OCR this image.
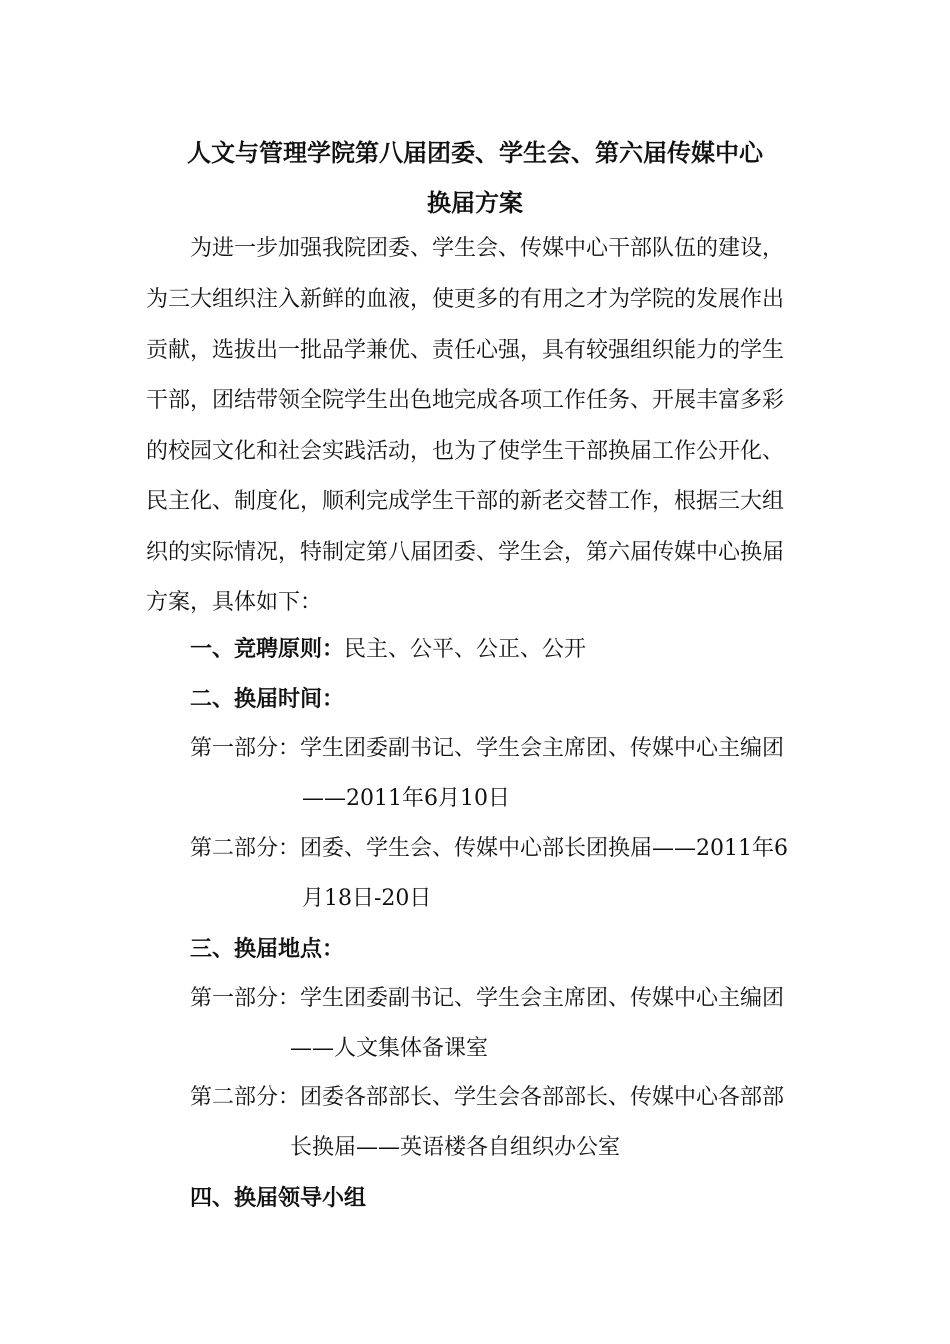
人文与管理学院第八届团委、学生会、第六届传媒中心
换届方案
为进一步加强我院团委、学生会、传媒中心干部队伍的建设，
为三大组织注入新鲜的血液，使更多的有用之才为学院的发展作出
贡献，选拔出一批品学兼优、责任心强，具有较强组织能力的学生
干部，团结带领全院学生出色地完成各项工作任务、开展丰富多彩
的校园文化和社会实践活动，也为了使学生干部换届工作公开化、
民主化、制度化，顺利完成学生干部的新老交替工作，根据三大组
织的实际情况，特制定第八届团委、学生会，第六届传媒中心换届
方案，具体如下：
一、竞聘原则：民主、公平、公正、公开
二、换届时间：
第一部分：学生团委副书记、学生会主席团、传媒中心主编团
——2011年6月10日
第二部分：团委、学生会、传媒中心部长团换届——2011年6
月18日-20日
三、换届地点：
第一部分：学生团委副书记、学生会主席团、传媒中心主编团
——人文集体备课室
第二部分：团委各部部长、学生会各部部长、传媒中心各部部
长换届——英语楼各自组织办公室
四、换届领导小组
